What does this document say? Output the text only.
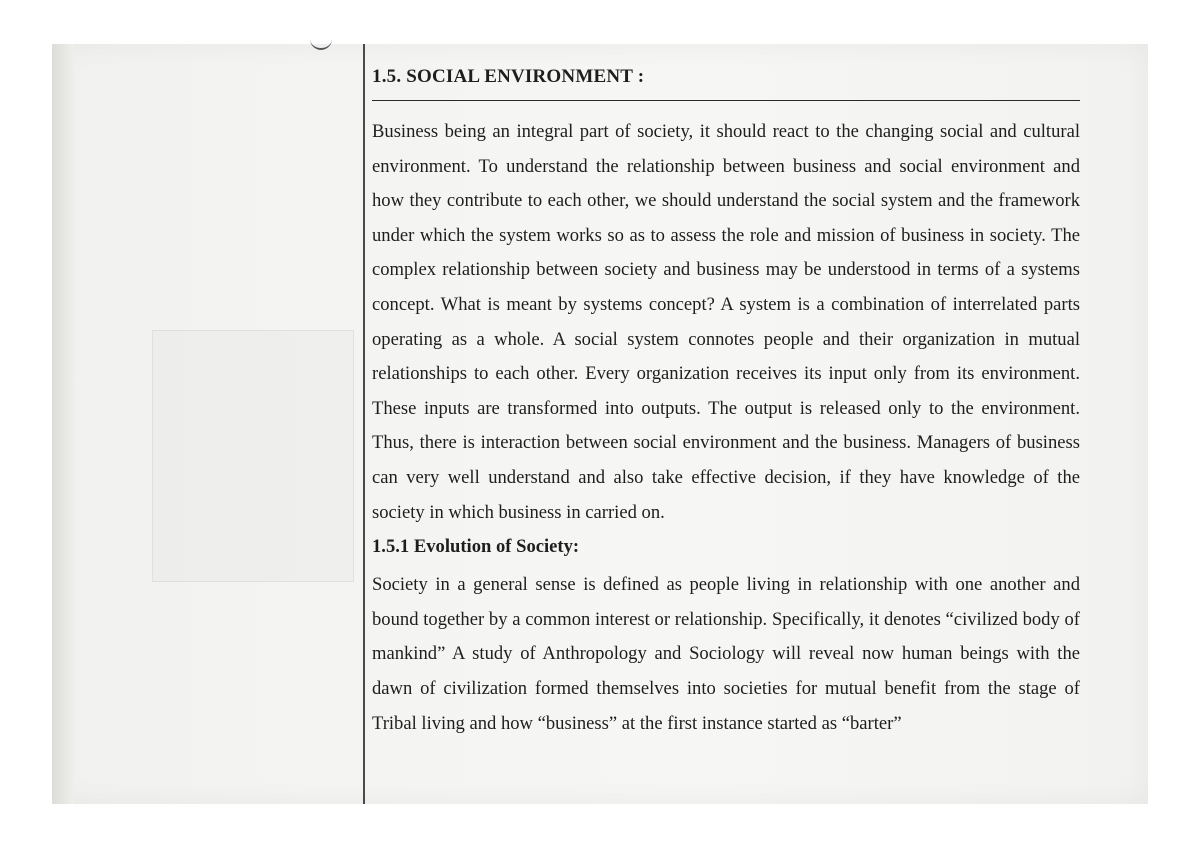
1.5. SOCIAL ENVIRONMENT :

Business being an integral part of society, it should react to the changing social and cultural environment. To understand the relationship between business and social environment and how they contribute to each other, we should understand the social system and the framework under which the system works so as to assess the role and mission of business in society. The complex relationship between society and business may be understood in terms of a systems concept. What is meant by systems concept? A system is a combination of interrelated parts operating as a whole. A social system connotes people and their organization in mutual relationships to each other. Every organization receives its input only from its environment. These inputs are transformed into outputs. The output is released only to the environment. Thus, there is interaction between social environment and the business. Managers of business can very well understand and also take effective decision, if they have knowledge of the society in which business in carried on.

1.5.1 Evolution of Society:

Society in a general sense is defined as people living in relationship with one another and bound together by a common interest or relationship. Specifically, it denotes “civilized body of mankind” A study of Anthropology and Sociology will reveal now human beings with the dawn of civilization formed themselves into societies for mutual benefit from the stage of Tribal living and how “business” at the first instance started as “barter”
